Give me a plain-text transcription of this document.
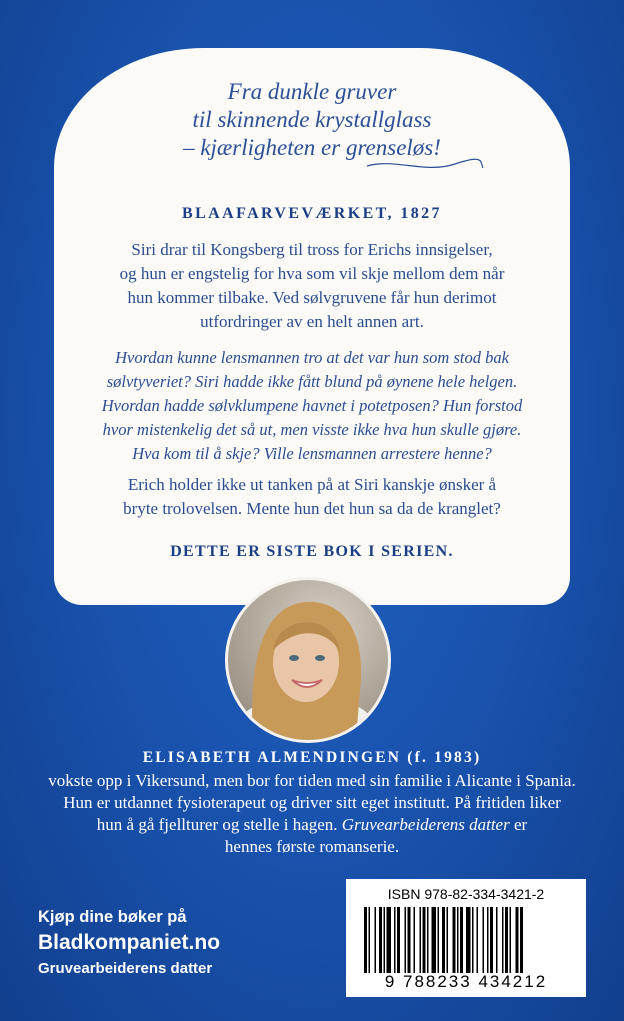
Fra dunkle gruver
til skinnende krystallglass
– kjærligheten er grenseløs!
BLAAFARVEVÆRKET, 1827
Siri drar til Kongsberg til tross for Erichs innsigelser,
og hun er engstelig for hva som vil skje mellom dem når
hun kommer tilbake. Ved sølvgruvene får hun derimot
utfordringer av en helt annen art.
Hvordan kunne lensmannen tro at det var hun som stod bak
sølvtyveriet? Siri hadde ikke fått blund på øynene hele helgen.
Hvordan hadde sølvklumpene havnet i potetposen? Hun forstod
hvor mistenkelig det så ut, men visste ikke hva hun skulle gjøre.
Hva kom til å skje? Ville lensmannen arrestere henne?
Erich holder ikke ut tanken på at Siri kanskje ønsker å
bryte trolovelsen. Mente hun det hun sa da de kranglet?
DETTE ER SISTE BOK I SERIEN.
ELISABETH ALMENDINGEN (f. 1983)
vokste opp i Vikersund, men bor for tiden med sin familie i Alicante i Spania.
Hun er utdannet fysioterapeut og driver sitt eget institutt. På fritiden liker
hun å gå fjellturer og stelle i hagen. Gruvearbeiderens datter er
hennes første romanserie.
Kjøp dine bøker på
Bladkompaniet.no
Gruvearbeiderens datter
ISBN 978-82-334-3421-2
9 788233 434212
